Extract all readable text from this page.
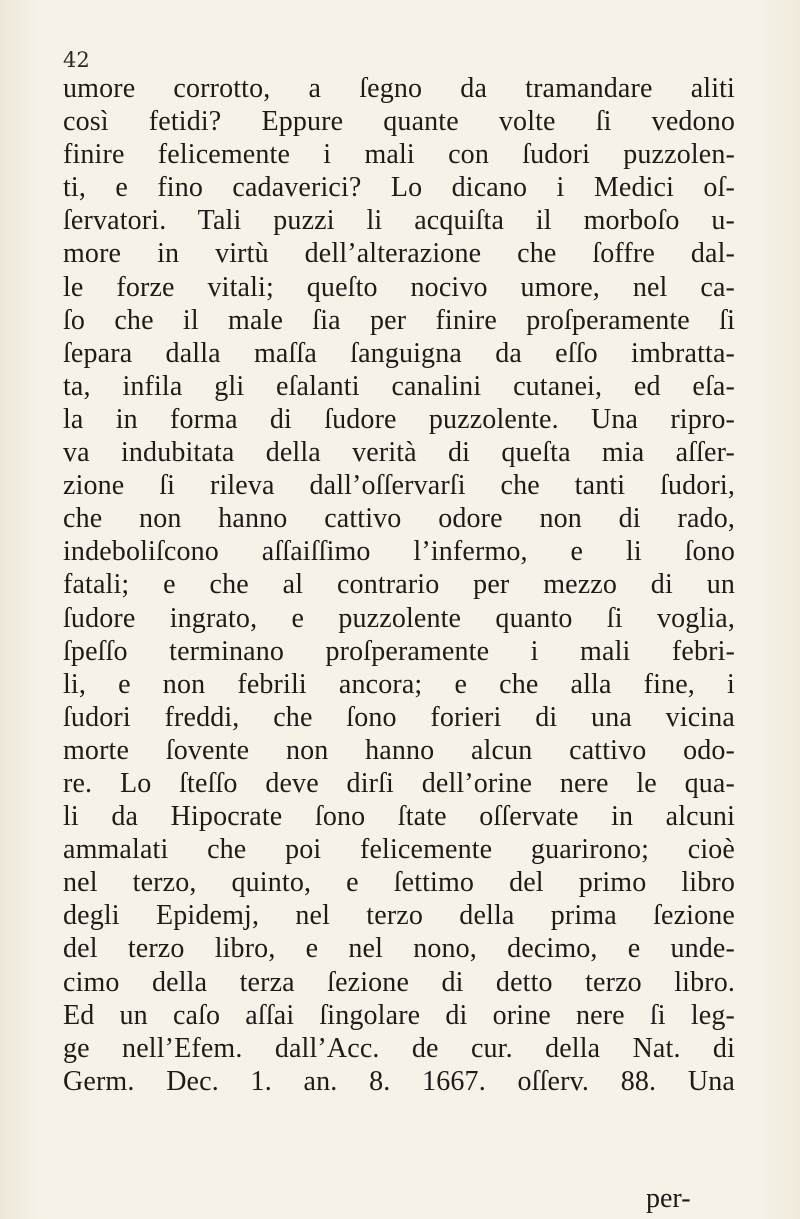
42
umore corrotto, a ſegno da tramandare aliti
così fetidi? Eppure quante volte ſi vedono
finire felicemente i mali con ſudori puzzolen-
ti, e fino cadaverici? Lo dicano i Medici oſ-
ſervatori. Tali puzzi li acquiſta il morboſo u-
more in virtù dell’alterazione che ſoffre dal-
le forze vitali; queſto nocivo umore, nel ca-
ſo che il male ſia per finire proſperamente ſi
ſepara dalla maſſa ſanguigna da eſſo imbratta-
ta, infila gli eſalanti canalini cutanei, ed eſa-
la in forma di ſudore puzzolente. Una ripro-
va indubitata della verità di queſta mia aſſer-
zione ſi rileva dall’oſſervarſi che tanti ſudori,
che non hanno cattivo odore non di rado,
indeboliſcono aſſaiſſimo l’infermo, e li ſono
fatali; e che al contrario per mezzo di un
ſudore ingrato, e puzzolente quanto ſi voglia,
ſpeſſo terminano proſperamente i mali febri-
li, e non febrili ancora; e che alla fine, i
ſudori freddi, che ſono forieri di una vicina
morte ſovente non hanno alcun cattivo odo-
re. Lo ſteſſo deve dirſi dell’orine nere le qua-
li da Hipocrate ſono ſtate oſſervate in alcuni
ammalati che poi felicemente guarirono; cioè
nel terzo, quinto, e ſettimo del primo libro
degli Epidemj, nel terzo della prima ſezione
del terzo libro, e nel nono, decimo, e unde-
cimo della terza ſezione di detto terzo libro.
Ed un caſo aſſai ſingolare di orine nere ſi leg-
ge nell’Efem. dall’Acc. de cur. della Nat. di
Germ. Dec. 1. an. 8. 1667. oſſerv. 88. Una
per-
